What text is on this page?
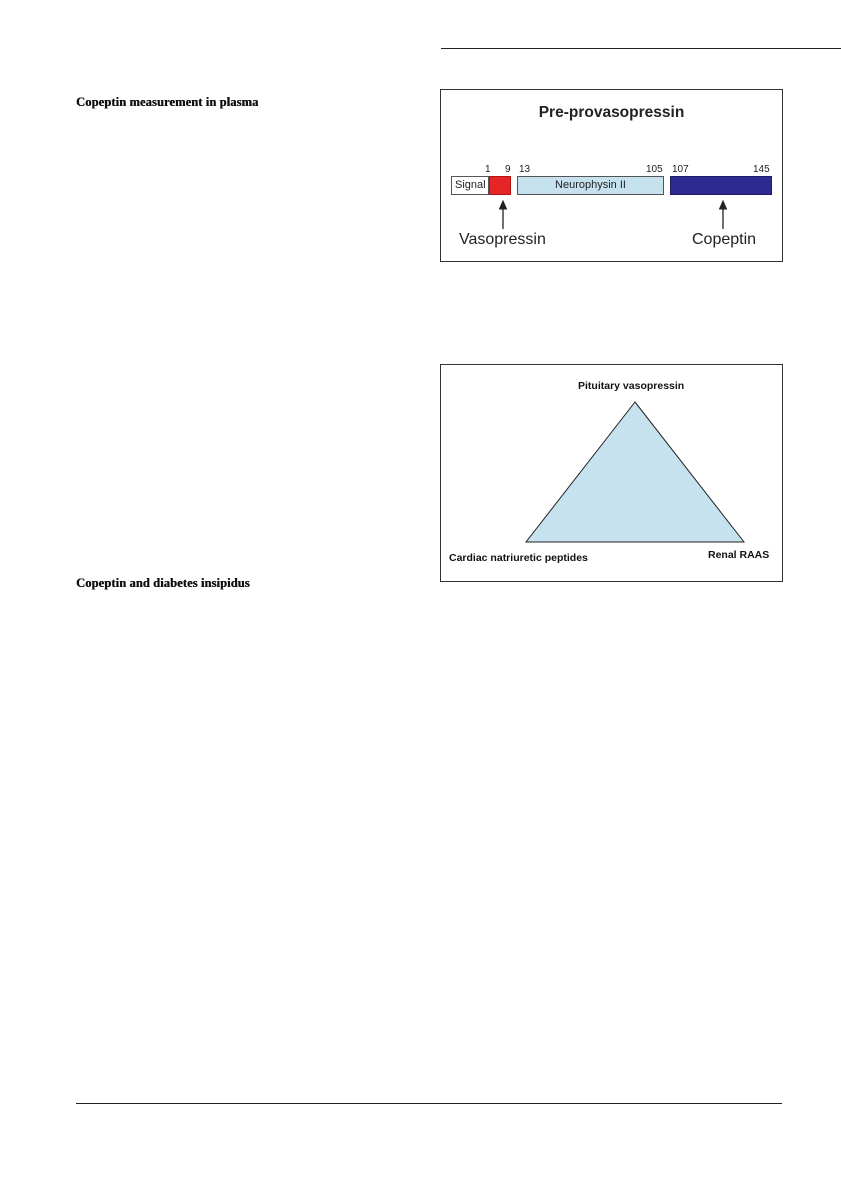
Copeptin measurement in plasma
Copeptin and diabetes insipidus
Pre-provasopressin
1 9 13	105 107	145
Signal	Neurophysin II
Vasopressin	Copeptin
Pituitary vasopressin
Cardiac natriuretic peptides	Renal RAAS
